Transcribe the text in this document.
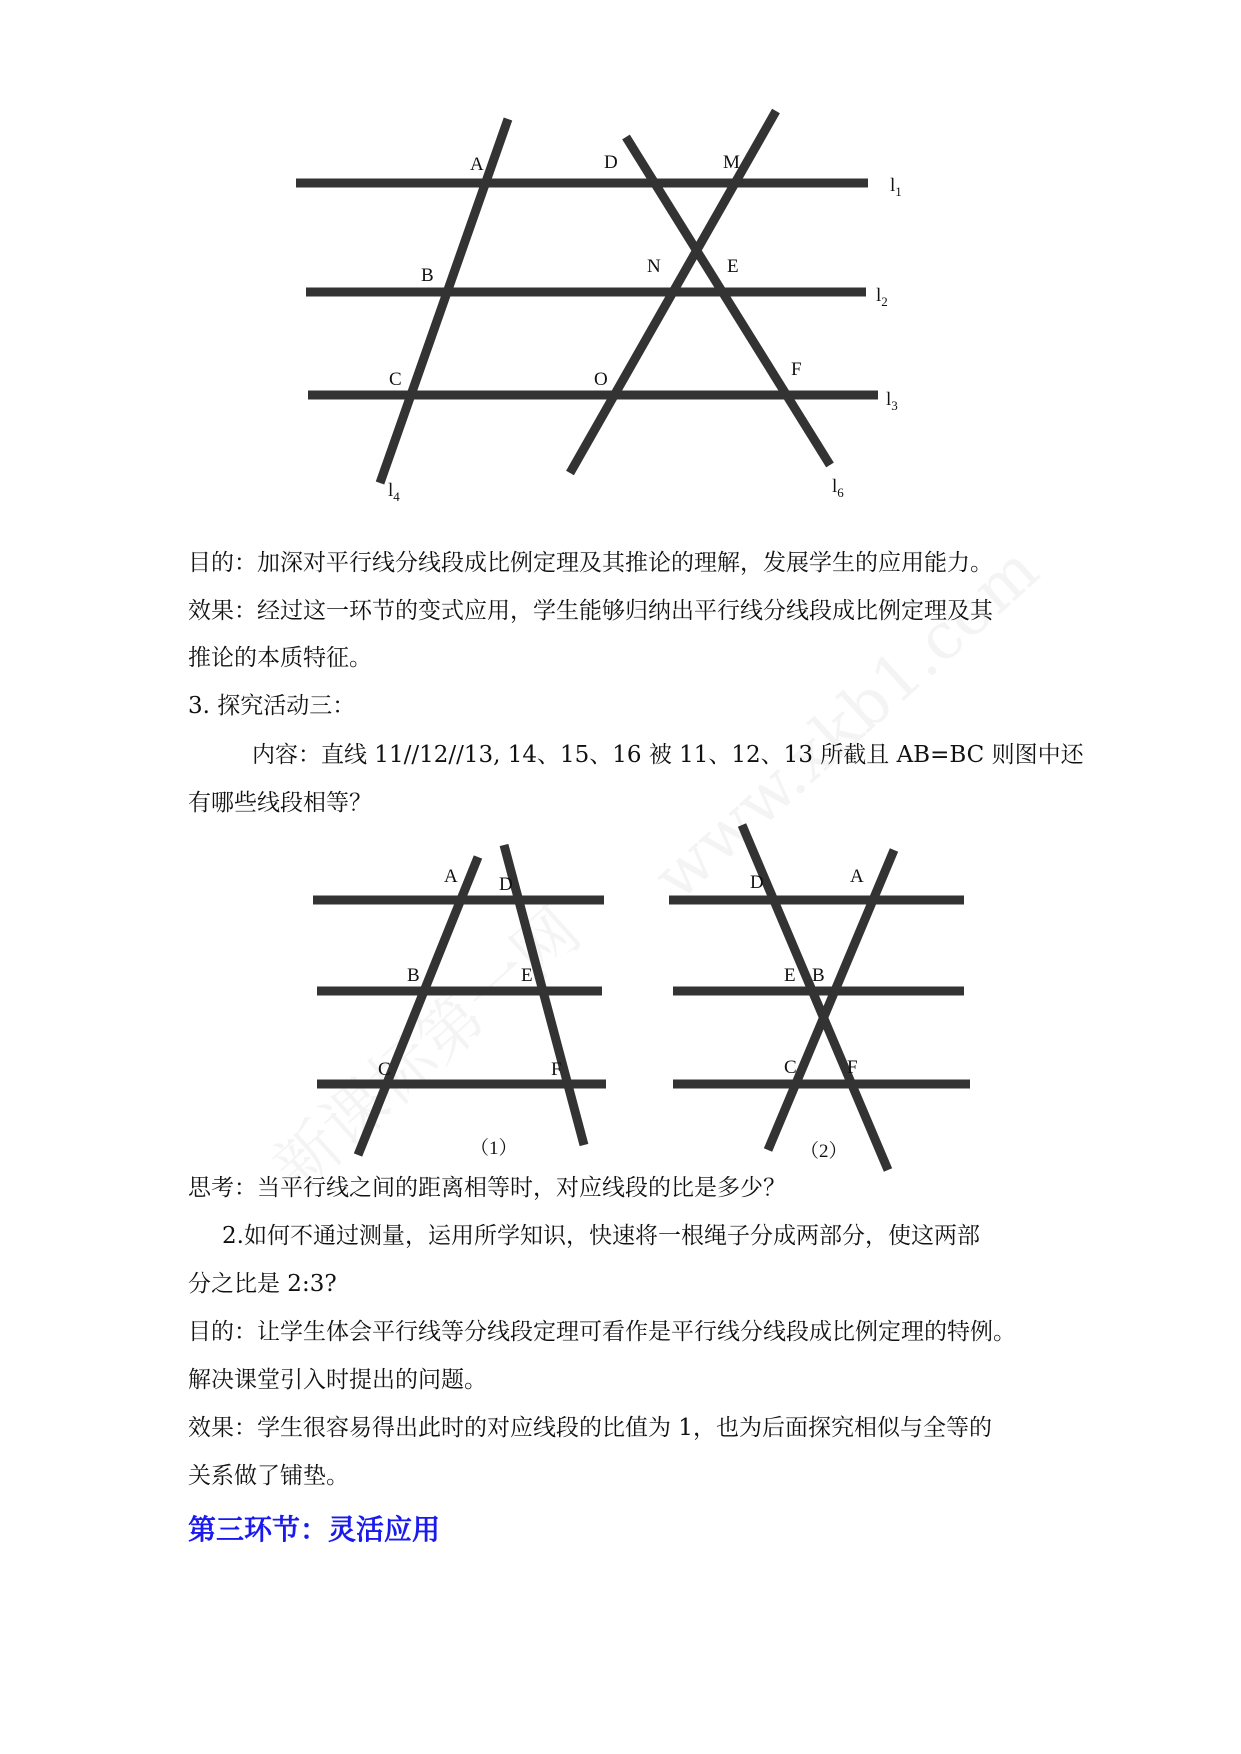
A	D	M
B	N	E
C	O	F
$l_1$
$l_2$
$l_3$
$l_4$	$l_6$

目的：加深对平行线分线段成比例定理及其推论的理解，发展学生的应用能力。

效果：经过这一环节的变式应用，学生能够归纳出平行线分线段成比例定理及其

推论的本质特征。

3. 探究活动三：

内容：直线 11//12//13, 14、15、16 被 11、12、13 所截且 AB=BC 则图中还

有哪些线段相等？

A D
B	E
C	F
（1）
D	A
E B
C	F
（2）

思考：当平行线之间的距离相等时，对应线段的比是多少？

2.如何不通过测量，运用所学知识，快速将一根绳子分成两部分，使这两部

分之比是 2:3?

目的：让学生体会平行线等分线段定理可看作是平行线分线段成比例定理的特例。

解决课堂引入时提出的问题。

效果：学生很容易得出此时的对应线段的比值为 1，也为后面探究相似与全等的

关系做了铺垫。

第三环节：灵活应用
